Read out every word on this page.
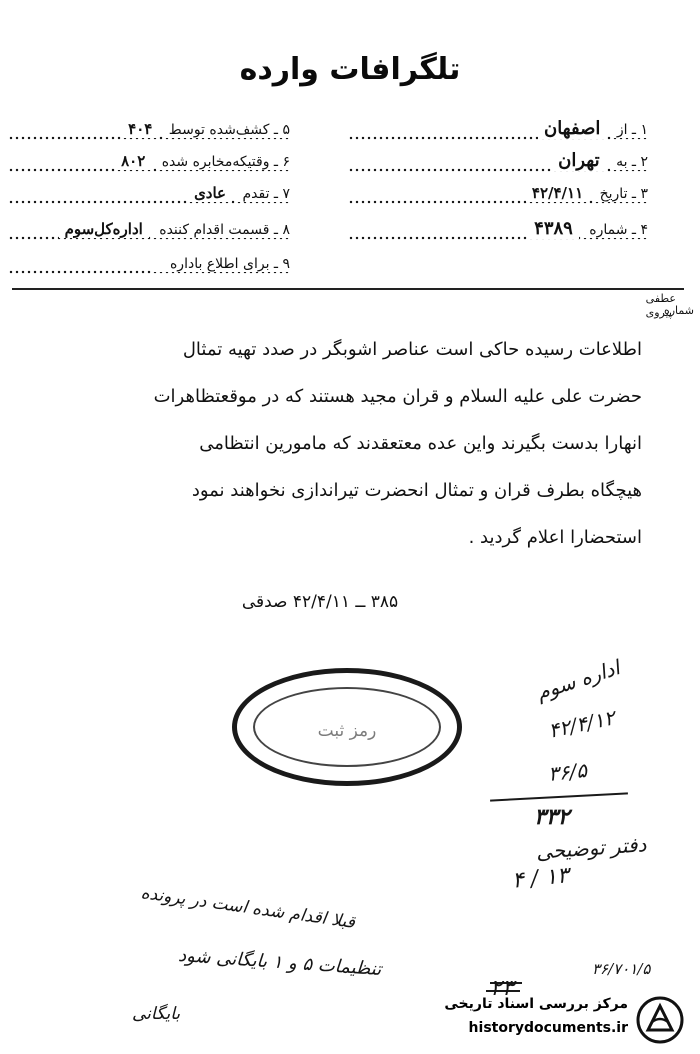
تلگرافات وارده
۱ ـ از اصفهان
۲ ـ به تهران
۳ ـ تاریخ ۴۲/۴/۱۱
۴ ـ شماره ۴۳۸۹
۵ ـ کشف‌شده توسط ۴۰۴
۶ ـ وقتیکه‌مخابره شده ۸۰۲
۷ ـ تقدم عادی
۸ ـ قسمت اقدام کننده اداره‌کل‌سوم
۹ ـ برای اطلاع باداره
شماره
عطفی
پیروی

اطلاعات رسیده حاکی است عناصر اشوبگر در صدد تهیه تمثال

حضرت علی علیه السلام و قران مجید هستند که در موقعتظاهرات

انهارا بدست بگیرند واین عده معتعقدند که مامورین انتظامی

هیچگاه بطرف قران و تمثال انحضرت تیراندازی نخواهند نمود

استحضارا اعلام گردید .

۳۸۵ ــ ۴۲/۴/۱۱ صدقی
رمز ثبت
اداره سوم
۴۲/۴/۱۲
۳۶/۵
۳۳۲
دفتر توضیحی
۱۳ / ۴
قبلا اقدام شده است در پرونده
تنظیمات ۵ و ۱ بایگانی شود
بایگانی
۳۶/۷۰۱/۵
۲۳
مرکز بررسی اسناد تاریخی
historydocuments.ir
